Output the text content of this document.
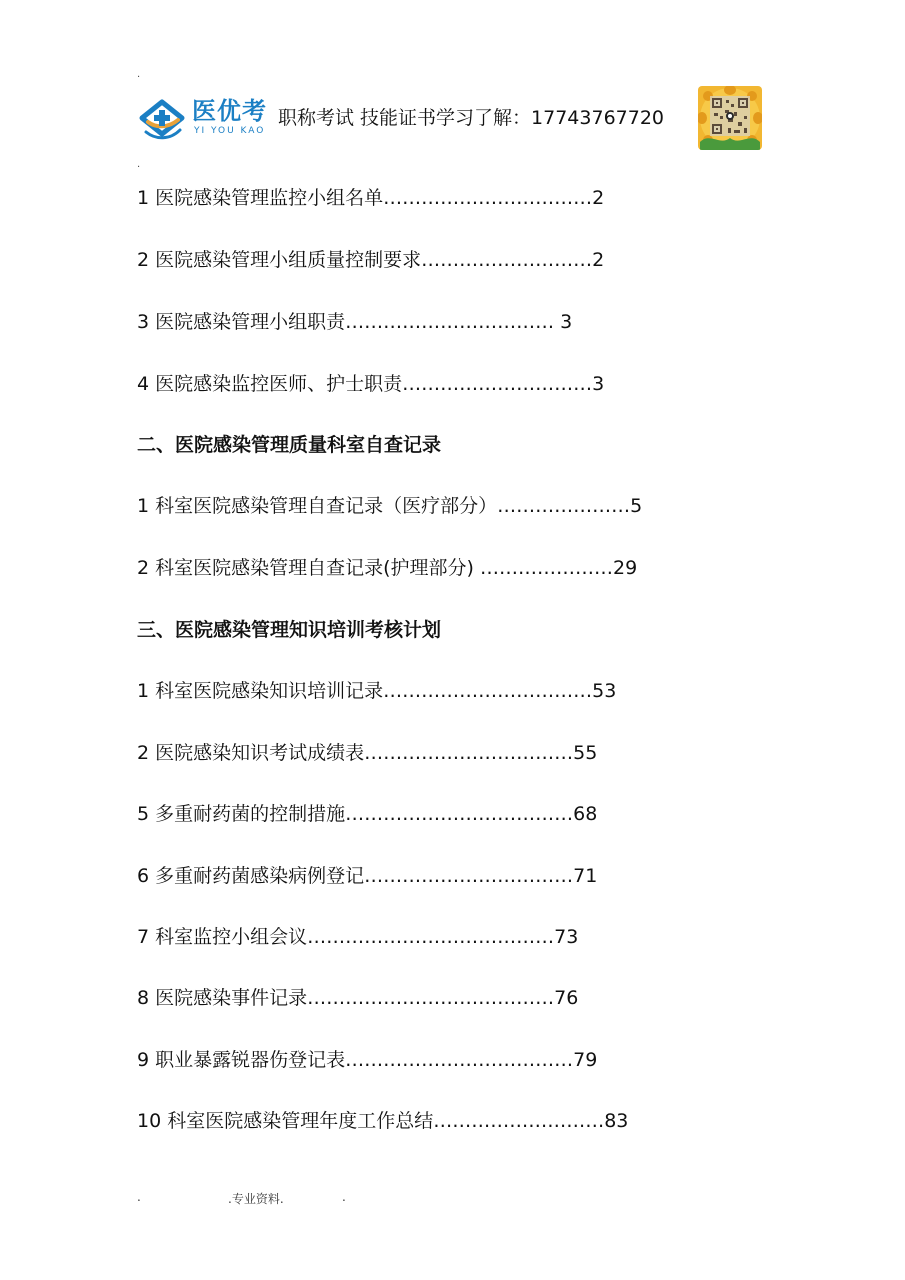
.
医优考
YI YOU KAO
职称考试 技能证书学习了解：17743767720
.
1 医院感染管理监控小组名单……………………………2
2 医院感染管理小组质量控制要求………………………2
3 医院感染管理小组职责…………………………… 3
4 医院感染监控医师、护士职责…………………………3
二、医院感染管理质量科室自查记录
1 科室医院感染管理自查记录（医疗部分）…………………5
2 科室医院感染管理自查记录(护理部分) …………………29
三、医院感染管理知识培训考核计划
1 科室医院感染知识培训记录……………………………53
2 医院感染知识考试成绩表……………………………55
5 多重耐药菌的控制措施………………………………68
6 多重耐药菌感染病例登记……………………………71
7 科室监控小组会议…………………………………73
8 医院感染事件记录…………………………………76
9 职业暴露锐器伤登记表………………………………79
10 科室医院感染管理年度工作总结………………………83
.	.专业资料.	.
